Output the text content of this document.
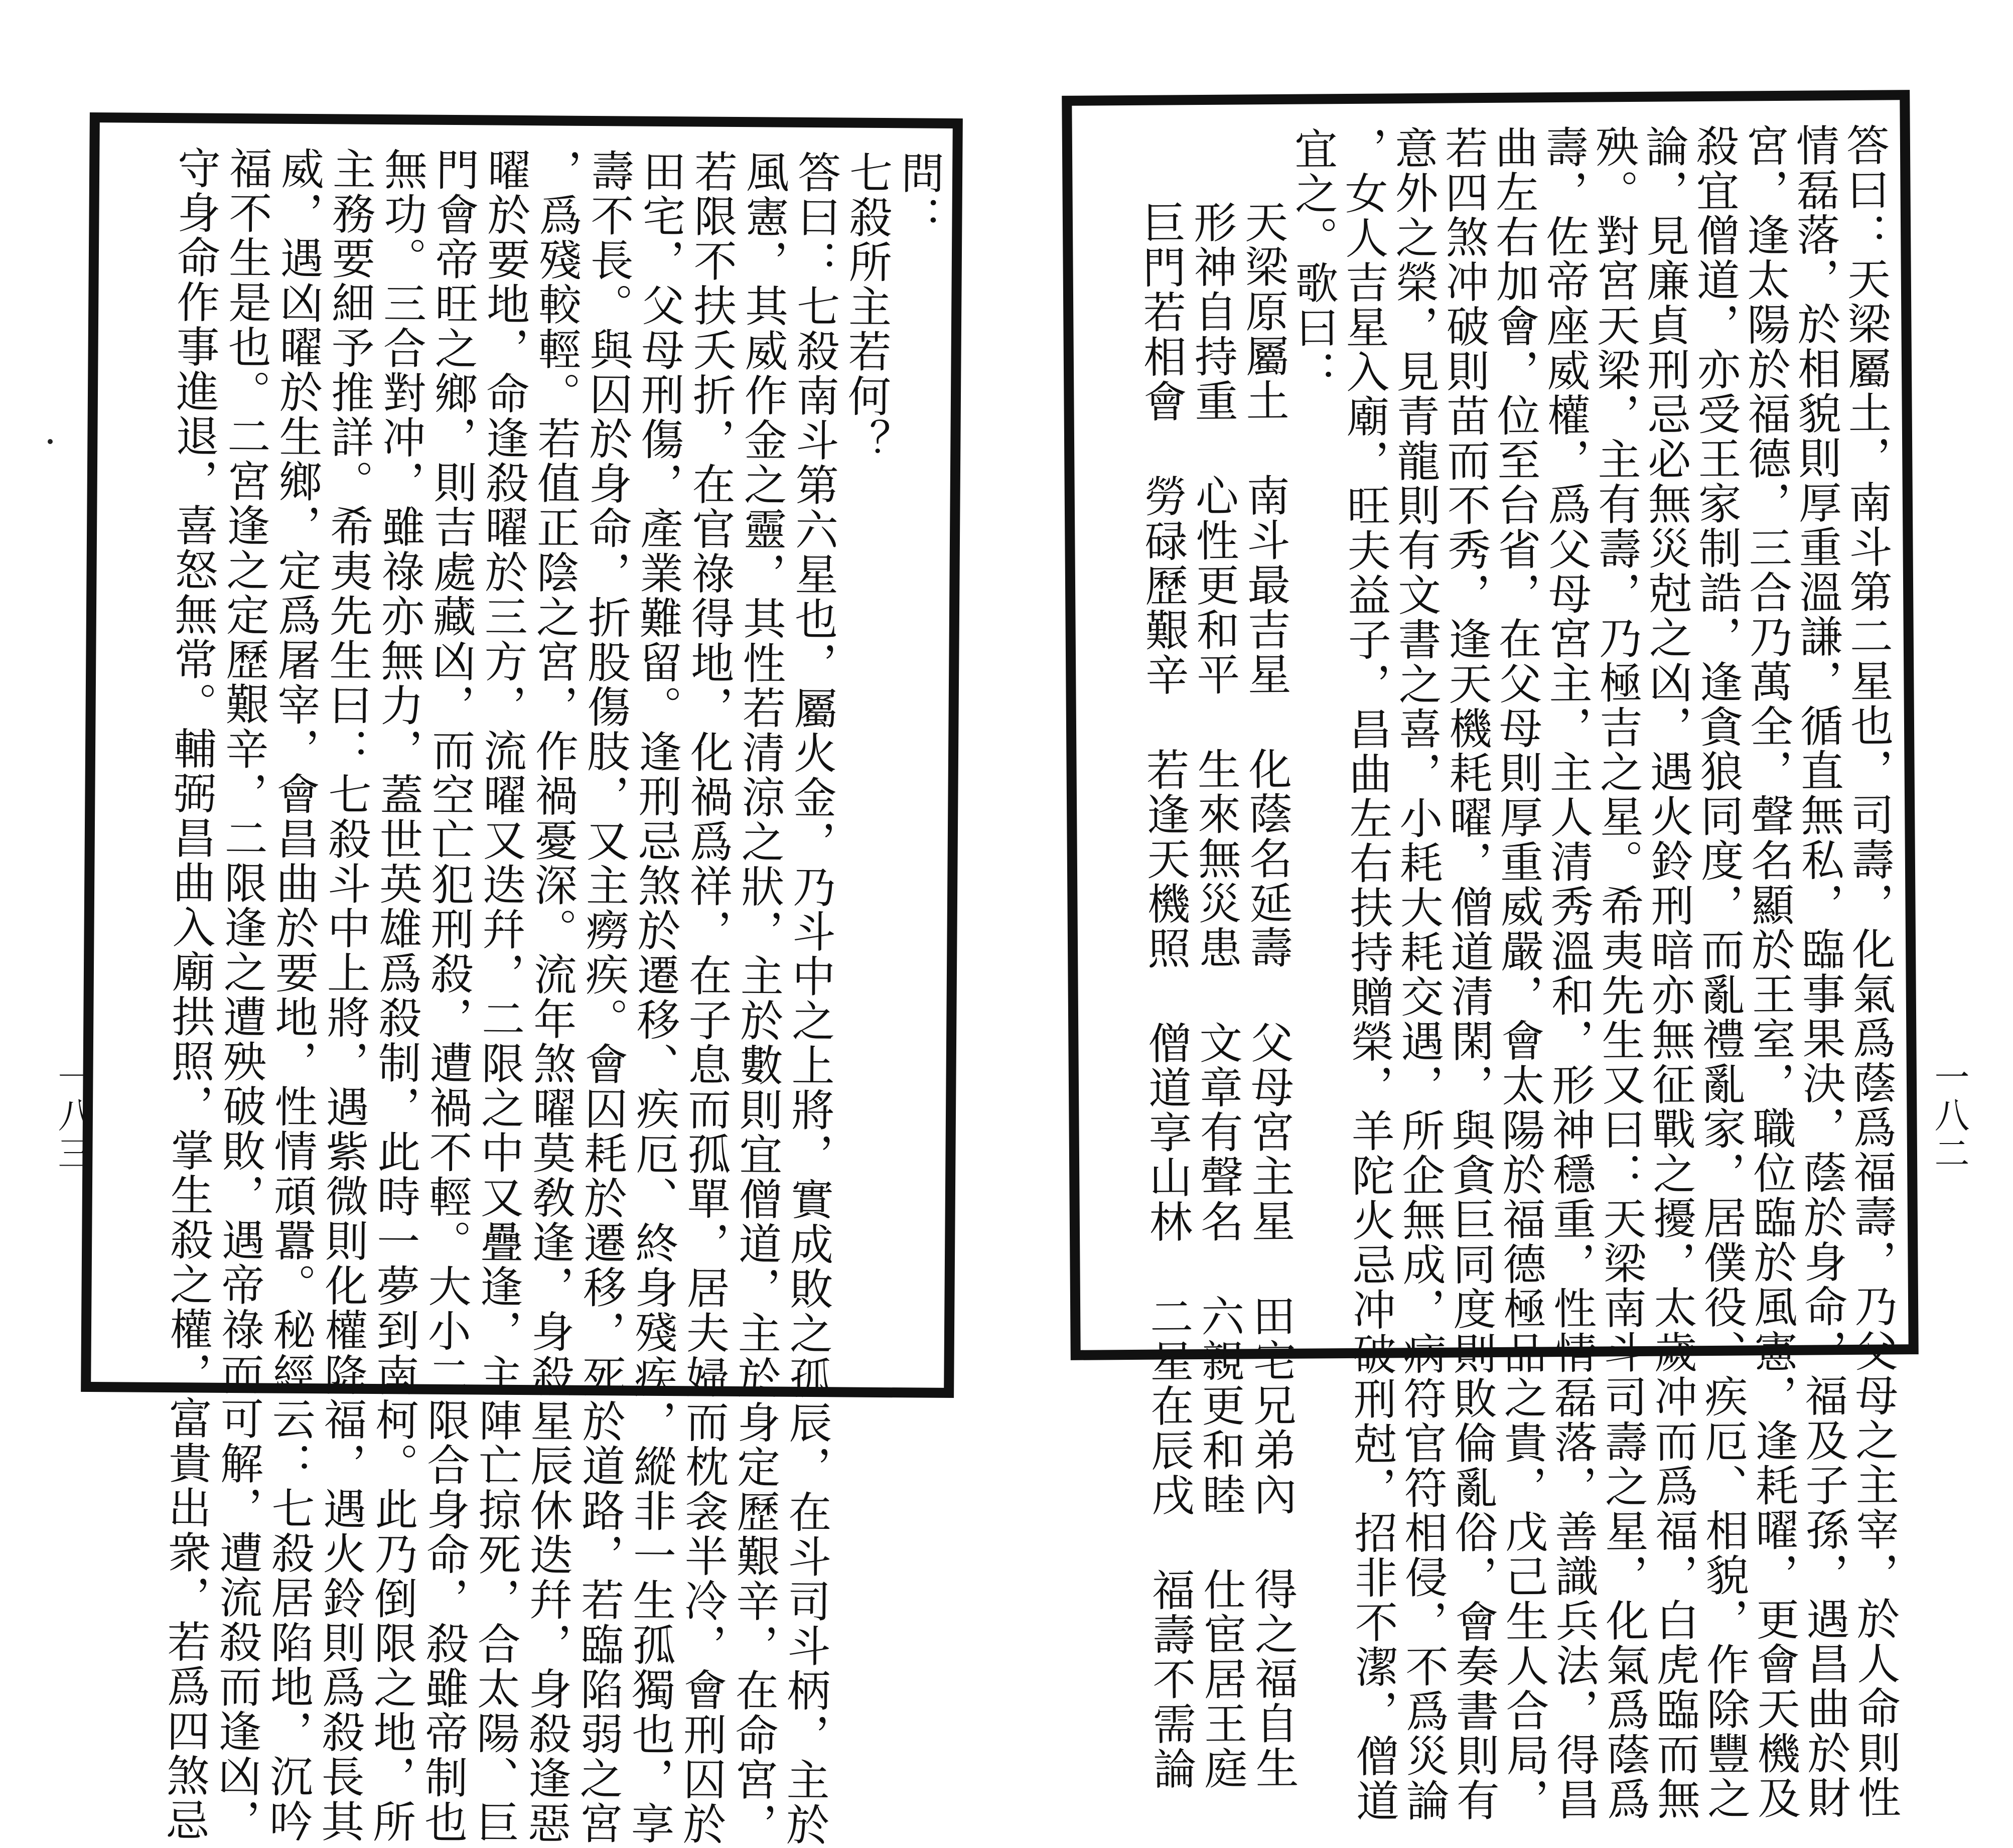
問：
七殺所主若何？
答曰：七殺南斗第六星也，屬火金，乃斗中之上將，實成敗之孤辰，在斗司斗柄，主於
風憲，其威作金之靈，其性若清涼之狀，主於數則宜僧道，主於身定歷艱辛，在命宮，
若限不扶夭折，在官祿得地，化禍爲祥，在子息而孤單，居夫婦而枕衾半冷，會刑囚於
田宅，父母刑傷，產業難留。逢刑忌煞於遷移、疾厄、終身殘疾，縱非一生孤獨也，享
壽不長。與囚於身命，折股傷肢，又主癆疾。會囚耗於遷移，死於道路，若臨陷弱之宮
，爲殘較輕。若值正陰之宮，作禍憂深。流年煞曜莫敎逢，身殺星辰休迭幷，身殺逢惡
曜於要地，命逢殺曜於三方，流曜又迭幷，二限之中又疊逢，主陣亡掠死，合太陽、巨
門會帝旺之鄉，則吉處藏凶，而空亡犯刑殺，遭禍不輕。大小二限合身命，殺雖帝制也
無功。三合對冲，雖祿亦無力，蓋世英雄爲殺制，此時一夢到南柯。此乃倒限之地，所
主務要細予推詳。希夷先生曰：七殺斗中上將，遇紫微則化權降福，遇火鈴則爲殺長其
威，遇凶曜於生鄉，定爲屠宰，會昌曲於要地，性情頑囂。秘經云：七殺居陷地，沉吟
福不生是也。二宮逢之定歷艱辛，二限逢之遭殃破敗，遇帝祿而可解，遭流殺而逢凶，
守身命作事進退，喜怒無常。輔弼昌曲入廟拱照，掌生殺之權，富貴出衆，若爲四煞忌
一八三	答曰：天梁屬土，南斗第二星也，司壽，化氣爲蔭爲福壽，乃父母之主宰，於人命則性
情磊落，於相貌則厚重溫謙，循直無私，臨事果決，蔭於身命，福及子孫，遇昌曲於財
宮，逢太陽於福德，三合乃萬全，聲名顯於王室，職位臨於風憲，逢耗曜，更會天機及
殺宜僧道，亦受王家制誥，逢貪狼同度，而亂禮亂家，居僕役、疾厄、相貌，作除豐之
論，見廉貞刑忌必無災尅之凶，遇火鈴刑暗亦無征戰之擾，太歲冲而爲福，白虎臨而無
殃。對宮天梁，主有壽，乃極吉之星。希夷先生又曰：天梁南斗司壽之星，化氣爲蔭爲
壽，佐帝座威權，爲父母宮主，主人清秀溫和，形神穩重，性情磊落，善識兵法，得昌
曲左右加會，位至台省，在父母則厚重威嚴，會太陽於福德極品之貴，戊己生人合局，
若四煞冲破則苗而不秀，逢天機耗曜，僧道清閑，與貪巨同度則敗倫亂俗，會奏書則有
意外之榮，見青龍則有文書之喜，小耗大耗交遇，所企無成，病符官符相侵，不爲災論
，女人吉星入廟，旺夫益子，昌曲左右扶持贈榮，羊陀火忌冲破刑尅，招非不潔，僧道
宜之。歌曰：
天梁原屬土南斗最吉星化蔭名延壽父母宮主星田宅兄弟內得之福自生
形神自持重心性更和平生來無災患文章有聲名六親更和睦仕宦居王庭
巨門若相會勞碌歷艱辛若逢天機照僧道享山林二星在辰戌福壽不需論
一八二
